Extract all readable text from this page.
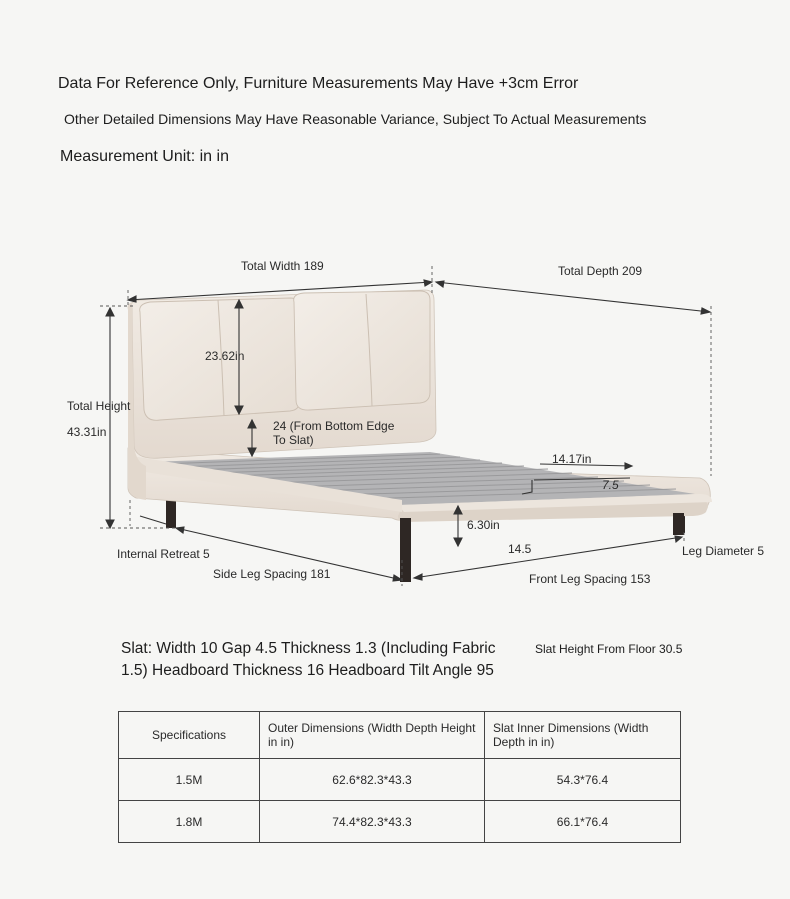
Data For Reference Only, Furniture Measurements May Have +3cm Error
Other Detailed Dimensions May Have Reasonable Variance, Subject To Actual Measurements
Measurement Unit: in in
Total Width 189	Total Depth 209
23.62in
Total Height
43.31in	24 (From Bottom Edge
To Slat)
14.17in
7.5
6.30in
14.5
Internal Retreat 5	Leg Diameter 5
Side Leg Spacing 181	Front Leg Spacing 153
Slat: Width 10 Gap 4.5 Thickness 1.3 (Including Fabric
1.5) Headboard Thickness 16 Headboard Tilt Angle 95
Slat Height From Floor 30.5
Specifications	Outer Dimensions (Width Depth Height in in)	Slat Inner Dimensions (Width Depth in in)
1.5M	62.6*82.3*43.3	54.3*76.4
1.8M	74.4*82.3*43.3	66.1*76.4
